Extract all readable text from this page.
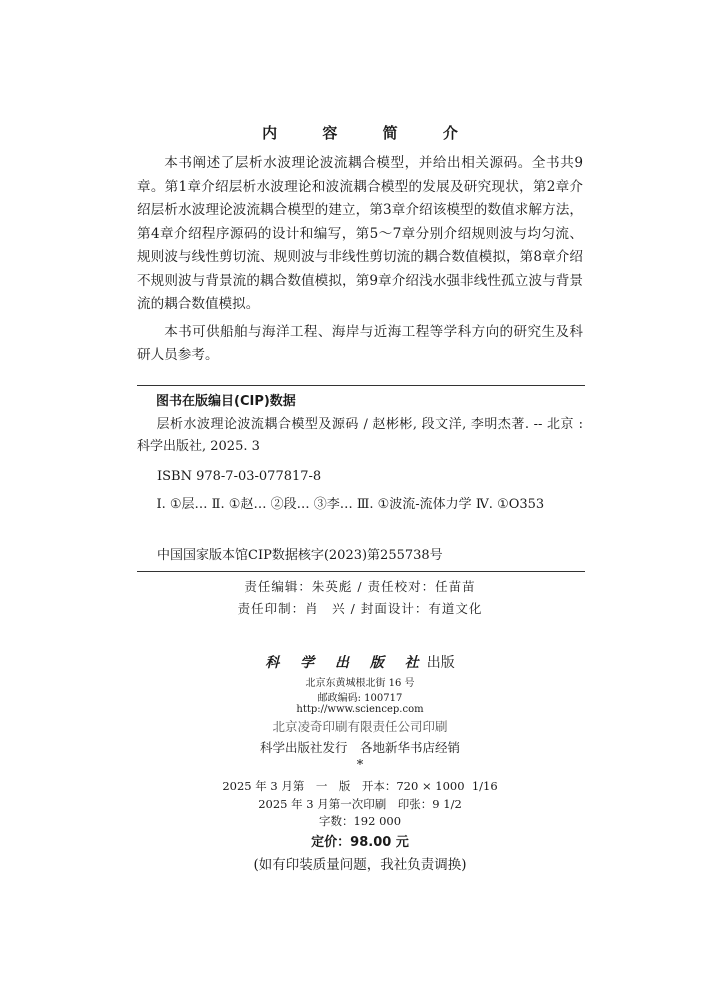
内 容 简 介

本书阐述了层析水波理论波流耦合模型，并给出相关源码。全书共9章。第1章介绍层析水波理论和波流耦合模型的发展及研究现状，第2章介绍层析水波理论波流耦合模型的建立，第3章介绍该模型的数值求解方法，第4章介绍程序源码的设计和编写，第5～7章分别介绍规则波与均匀流、规则波与线性剪切流、规则波与非线性剪切流的耦合数值模拟，第8章介绍不规则波与背景流的耦合数值模拟，第9章介绍浅水强非线性孤立波与背景流的耦合数值模拟。

本书可供船舶与海洋工程、海岸与近海工程等学科方向的研究生及科研人员参考。

图书在版编目(CIP)数据
层析水波理论波流耦合模型及源码 / 赵彬彬, 段文洋, 李明杰著. -- 北京 : 科学出版社, 2025. 3
ISBN 978-7-03-077817-8
Ⅰ. ①层… Ⅱ. ①赵… ②段… ③李… Ⅲ. ①波流-流体力学 Ⅳ. ①O353
中国国家版本馆CIP数据核字(2023)第255738号
责任编辑：朱英彪 / 责任校对：任苗苗
责任印制：肖　兴 / 封面设计：有道文化
科 学 出 版 社出版
北京东黄城根北街 16 号
邮政编码: 100717
http://www.sciencep.com
北京凌奇印刷有限责任公司印刷
科学出版社发行　各地新华书店经销
*
2025 年 3 月第　一　版　开本：720 × 1000  1/16
2025 年 3 月第一次印刷　印张：9 1/2
字数：192 000
定价：98.00 元
(如有印装质量问题，我社负责调换)
